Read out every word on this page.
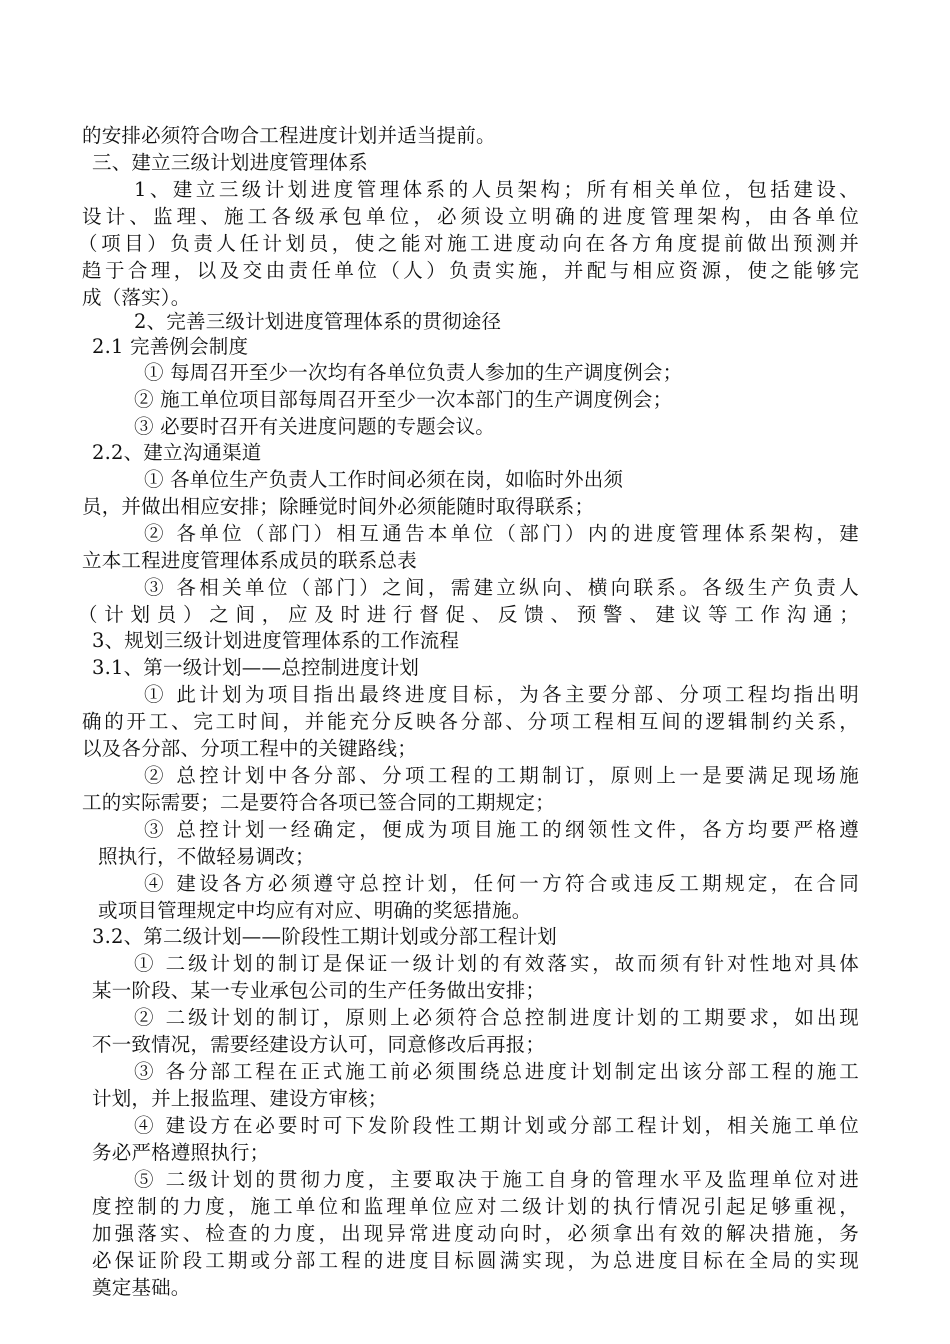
的安排必须符合吻合工程进度计划并适当提前。
三、建立三级计划进度管理体系
1、建立三级计划进度管理体系的人员架构；所有相关单位，包括建设、
设计、监理、施工各级承包单位，必须设立明确的进度管理架构，由各单位
（项目）负责人任计划员，使之能对施工进度动向在各方角度提前做出预测并
趋于合理，以及交由责任单位（人）负责实施，并配与相应资源，使之能够完
成（落实）。
2、完善三级计划进度管理体系的贯彻途径
2.1 完善例会制度
① 每周召开至少一次均有各单位负责人参加的生产调度例会；
② 施工单位项目部每周召开至少一次本部门的生产调度例会；
③ 必要时召开有关进度问题的专题会议。
2.2、建立沟通渠道
① 各单位生产负责人工作时间必须在岗，如临时外出须
员，并做出相应安排；除睡觉时间外必须能随时取得联系；
② 各单位（部门）相互通告本单位（部门）内的进度管理体系架构，建
立本工程进度管理体系成员的联系总表
③ 各相关单位（部门）之间，需建立纵向、横向联系。各级生产负责人
（计划员）之间，应及时进行督促、反馈、预警、建议等工作沟通；
3、规划三级计划进度管理体系的工作流程
3.1、第一级计划——总控制进度计划
① 此计划为项目指出最终进度目标，为各主要分部、分项工程均指出明
确的开工、完工时间，并能充分反映各分部、分项工程相互间的逻辑制约关系，
以及各分部、分项工程中的关键路线；
② 总控计划中各分部、分项工程的工期制订，原则上一是要满足现场施
工的实际需要；二是要符合各项已签合同的工期规定；
③ 总控计划一经确定，便成为项目施工的纲领性文件，各方均要严格遵
照执行，不做轻易调改；
④ 建设各方必须遵守总控计划，任何一方符合或违反工期规定，在合同
或项目管理规定中均应有对应、明确的奖惩措施。
3.2、第二级计划——阶段性工期计划或分部工程计划
① 二级计划的制订是保证一级计划的有效落实，故而须有针对性地对具体
某一阶段、某一专业承包公司的生产任务做出安排；
② 二级计划的制订，原则上必须符合总控制进度计划的工期要求，如出现
不一致情况，需要经建设方认可，同意修改后再报；
③ 各分部工程在正式施工前必须围绕总进度计划制定出该分部工程的施工
计划，并上报监理、建设方审核；
④ 建设方在必要时可下发阶段性工期计划或分部工程计划，相关施工单位
务必严格遵照执行；
⑤ 二级计划的贯彻力度，主要取决于施工自身的管理水平及监理单位对进
度控制的力度，施工单位和监理单位应对二级计划的执行情况引起足够重视，
加强落实、检查的力度，出现异常进度动向时，必须拿出有效的解决措施，务
必保证阶段工期或分部工程的进度目标圆满实现，为总进度目标在全局的实现
奠定基础。
